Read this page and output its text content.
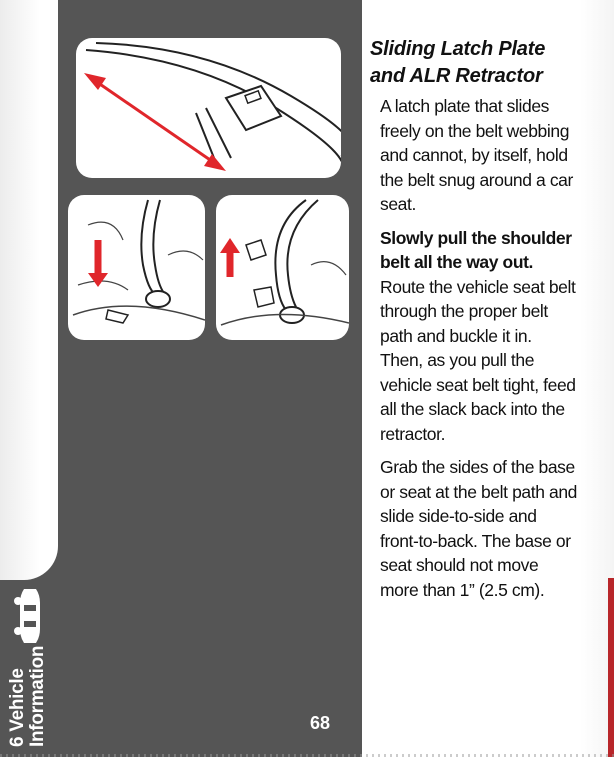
6 Vehicle Information	68
Sliding Latch Plate and ALR Retractor

A latch plate that slides freely on the belt webbing and cannot, by itself, hold the belt snug around a car seat.

Slowly pull the shoulder belt all the way out. Route the vehicle seat belt through the proper belt path and buckle it in. Then, as you pull the vehicle seat belt tight, feed all the slack back into the retractor.

Grab the sides of the base or seat at the belt path and slide side-to-side and front-to-back. The base or seat should not move more than 1” (2.5 cm).
